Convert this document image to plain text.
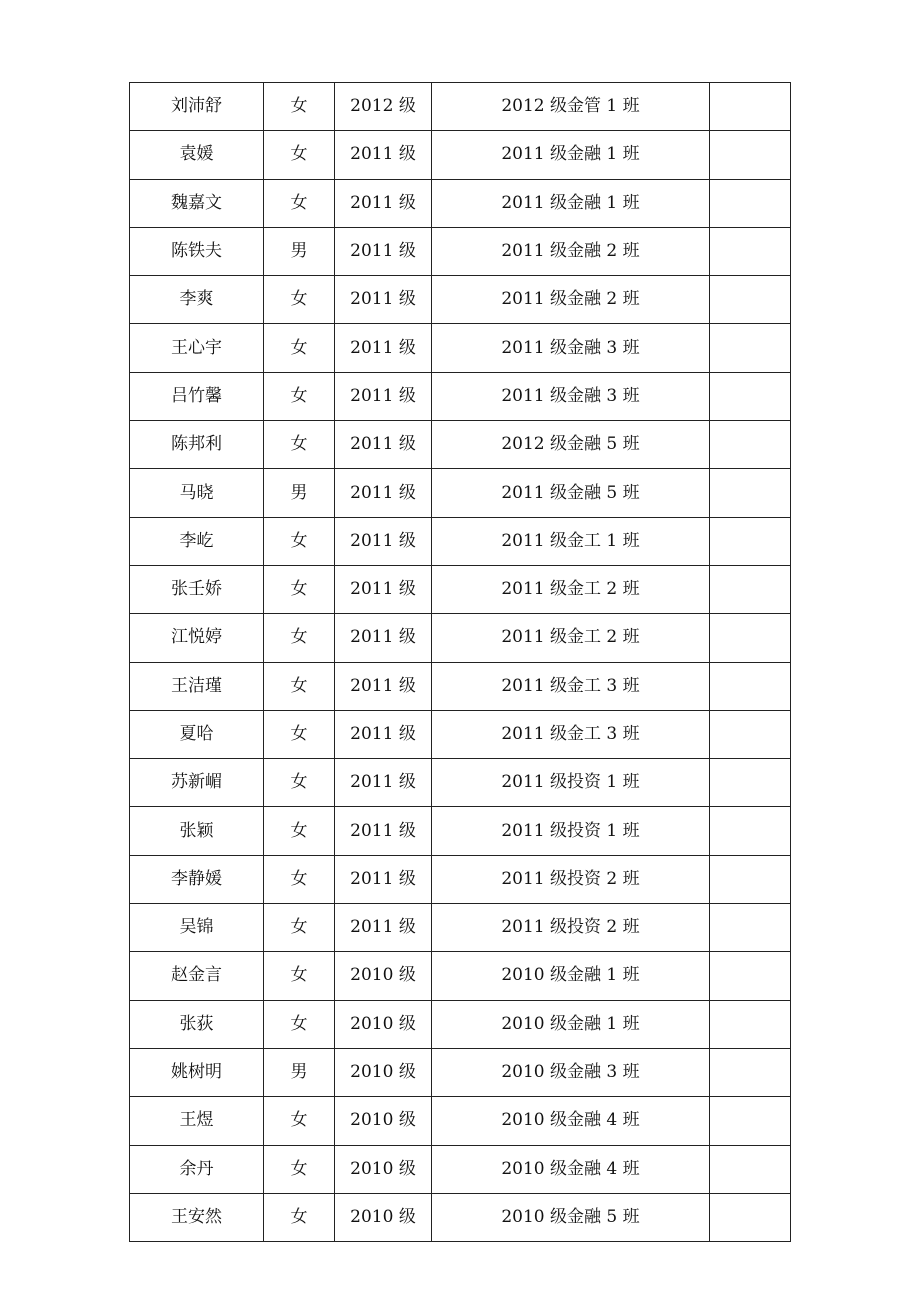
刘沛舒	女	2012 级	2012 级金管 1 班	
袁媛	女	2011 级	2011 级金融 1 班	
魏嘉文	女	2011 级	2011 级金融 1 班	
陈铁夫	男	2011 级	2011 级金融 2 班	
李爽	女	2011 级	2011 级金融 2 班	
王心宇	女	2011 级	2011 级金融 3 班	
吕竹馨	女	2011 级	2011 级金融 3 班	
陈邦利	女	2011 级	2012 级金融 5 班	
马晓	男	2011 级	2011 级金融 5 班	
李屹	女	2011 级	2011 级金工 1 班	
张壬娇	女	2011 级	2011 级金工 2 班	
江悦婷	女	2011 级	2011 级金工 2 班	
王洁瑾	女	2011 级	2011 级金工 3 班	
夏哈	女	2011 级	2011 级金工 3 班	
苏新嵋	女	2011 级	2011 级投资 1 班	
张颖	女	2011 级	2011 级投资 1 班	
李静媛	女	2011 级	2011 级投资 2 班	
吴锦	女	2011 级	2011 级投资 2 班	
赵金言	女	2010 级	2010 级金融 1 班	
张荻	女	2010 级	2010 级金融 1 班	
姚树明	男	2010 级	2010 级金融 3 班	
王煜	女	2010 级	2010 级金融 4 班	
余丹	女	2010 级	2010 级金融 4 班	
王安然	女	2010 级	2010 级金融 5 班	
